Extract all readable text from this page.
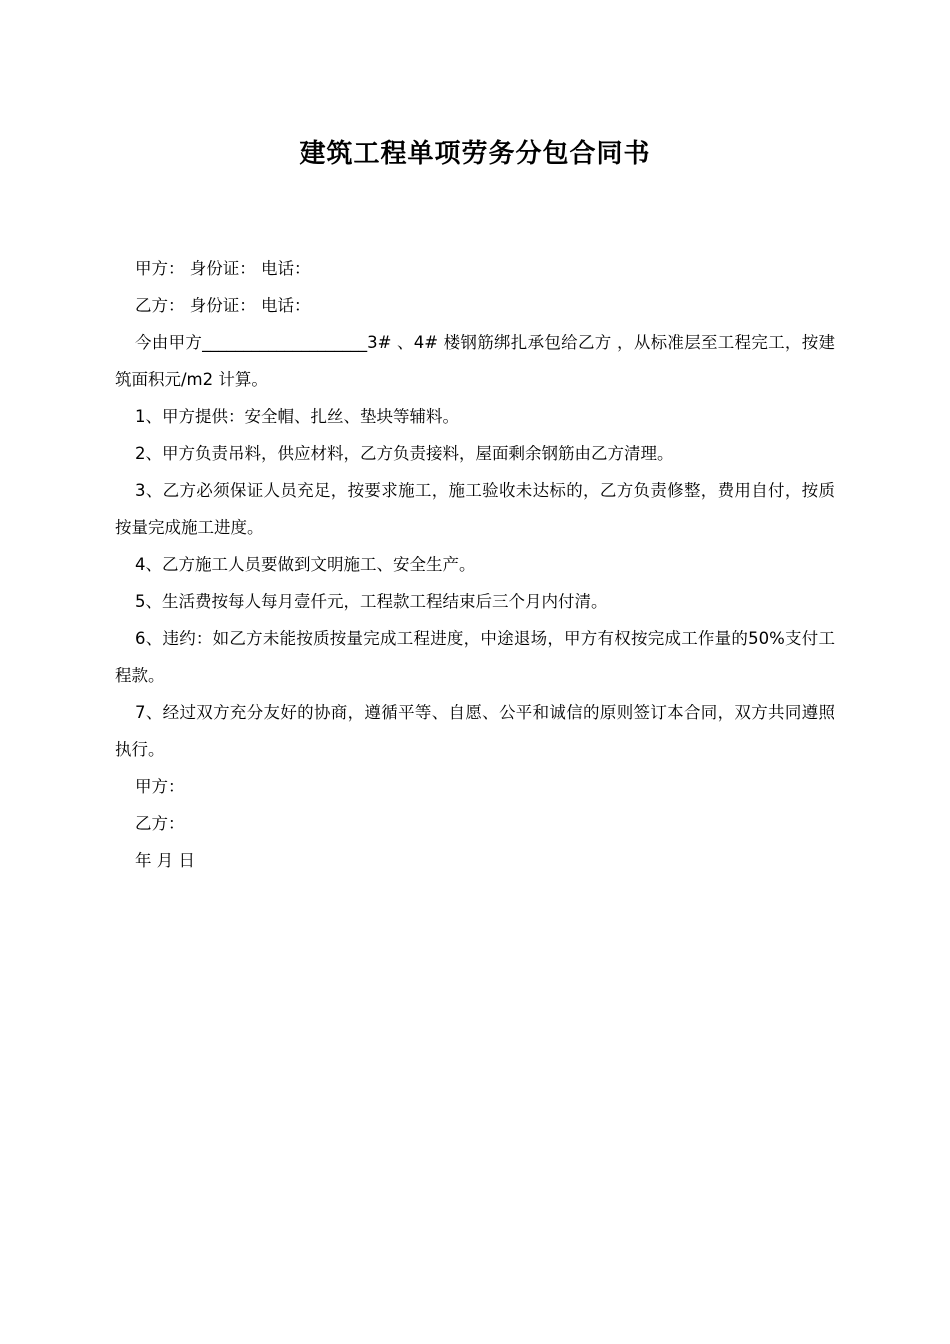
建筑工程单项劳务分包合同书

甲方： 身份证： 电话：

乙方： 身份证： 电话：

今由甲方____________________3# 、4# 楼钢筋绑扎承包给乙方 ，从标准层至工程完工，按建筑面积元/m2 计算。

1、甲方提供：安全帽、扎丝、垫块等辅料。

2、甲方负责吊料，供应材料，乙方负责接料，屋面剩余钢筋由乙方清理。

3、乙方必须保证人员充足，按要求施工，施工验收未达标的，乙方负责修整，费用自付，按质按量完成施工进度。

4、乙方施工人员要做到文明施工、安全生产。

5、生活费按每人每月壹仟元，工程款工程结束后三个月内付清。

6、违约：如乙方未能按质按量完成工程进度，中途退场，甲方有权按完成工作量的50%支付工程款。

7、经过双方充分友好的协商，遵循平等、自愿、公平和诚信的原则签订本合同，双方共同遵照执行。

甲方：

乙方：

年 月 日
